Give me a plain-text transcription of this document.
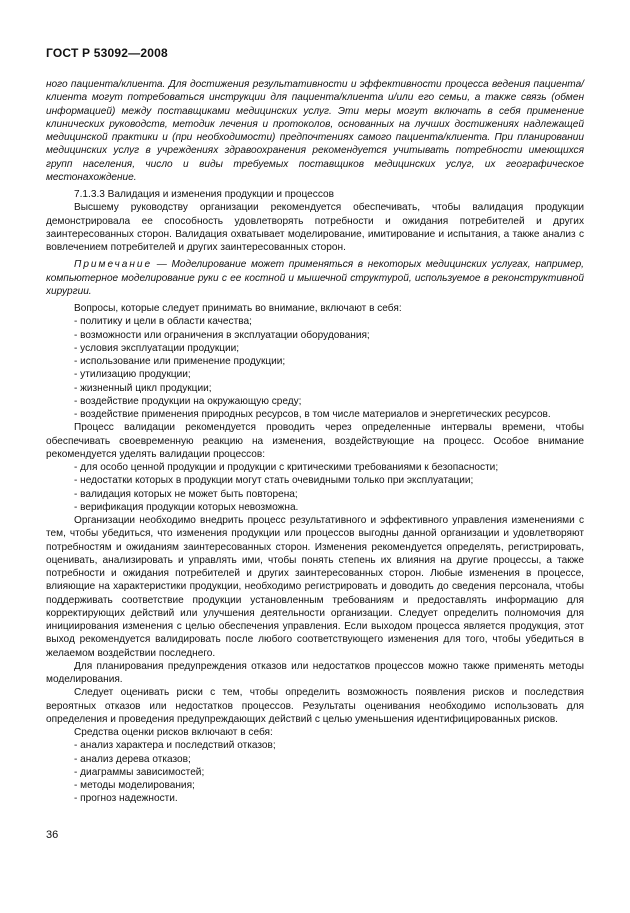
ГОСТ Р 53092—2008

ного пациента/клиента. Для достижения результативности и эффективности процесса ведения пациента/клиента могут потребоваться инструкции для пациента/клиента и/или его семьи, а также связь (обмен информацией) между поставщиками медицинских услуг. Эти меры могут включать в себя применение клинических руководств, методик лечения и протоколов, основанных на лучших достижениях надлежащей медицинской практики и (при необходимости) предпочтениях самого пациента/клиента. При планировании медицинских услуг в учреждениях здравоохранения рекомендуется учитывать потребности имеющихся групп населения, число и виды требуемых поставщиков медицинских услуг, их географическое местонахождение.

7.1.3.3 Валидация и изменения продукции и процессов

Высшему руководству организации рекомендуется обеспечивать, чтобы валидация продукции демонстрировала ее способность удовлетворять потребности и ожидания потребителей и других заинтересованных сторон. Валидация охватывает моделирование, имитирование и испытания, а также анализ с вовлечением потребителей и других заинтересованных сторон.

Примечание — Моделирование может применяться в некоторых медицинских услугах, например, компьютерное моделирование руки с ее костной и мышечной структурой, используемое в реконструктивной хирургии.

Вопросы, которые следует принимать во внимание, включают в себя:

- политику и цели в области качества;

- возможности или ограничения в эксплуатации оборудования;

- условия эксплуатации продукции;

- использование или применение продукции;

- утилизацию продукции;

- жизненный цикл продукции;

- воздействие продукции на окружающую среду;

- воздействие применения природных ресурсов, в том числе материалов и энергетических ресурсов.

Процесс валидации рекомендуется проводить через определенные интервалы времени, чтобы обеспечивать своевременную реакцию на изменения, воздействующие на процесс. Особое внимание рекомендуется уделять валидации процессов:

- для особо ценной продукции и продукции с критическими требованиями к безопасности;

- недостатки которых в продукции могут стать очевидными только при эксплуатации;

- валидация которых не может быть повторена;

- верификация продукции которых невозможна.

Организации необходимо внедрить процесс результативного и эффективного управления изменениями с тем, чтобы убедиться, что изменения продукции или процессов выгодны данной организации и удовлетворяют потребностям и ожиданиям заинтересованных сторон. Изменения рекомендуется определять, регистрировать, оценивать, анализировать и управлять ими, чтобы понять степень их влияния на другие процессы, а также потребности и ожидания потребителей и других заинтересованных сторон. Любые изменения в процессе, влияющие на характеристики продукции, необходимо регистрировать и доводить до сведения персонала, чтобы поддерживать соответствие продукции установленным требованиям и предоставлять информацию для корректирующих действий или улучшения деятельности организации. Следует определить полномочия для инициирования изменения с целью обеспечения управления. Если выходом процесса является продукция, этот выход рекомендуется валидировать после любого соответствующего изменения для того, чтобы убедиться в желаемом воздействии последнего.

Для планирования предупреждения отказов или недостатков процессов можно также применять методы моделирования.

Следует оценивать риски с тем, чтобы определить возможность появления рисков и последствия вероятных отказов или недостатков процессов. Результаты оценивания необходимо использовать для определения и проведения предупреждающих действий с целью уменьшения идентифицированных рисков.

Средства оценки рисков включают в себя:

- анализ характера и последствий отказов;

- анализ дерева отказов;

- диаграммы зависимостей;

- методы моделирования;

- прогноз надежности.

36
